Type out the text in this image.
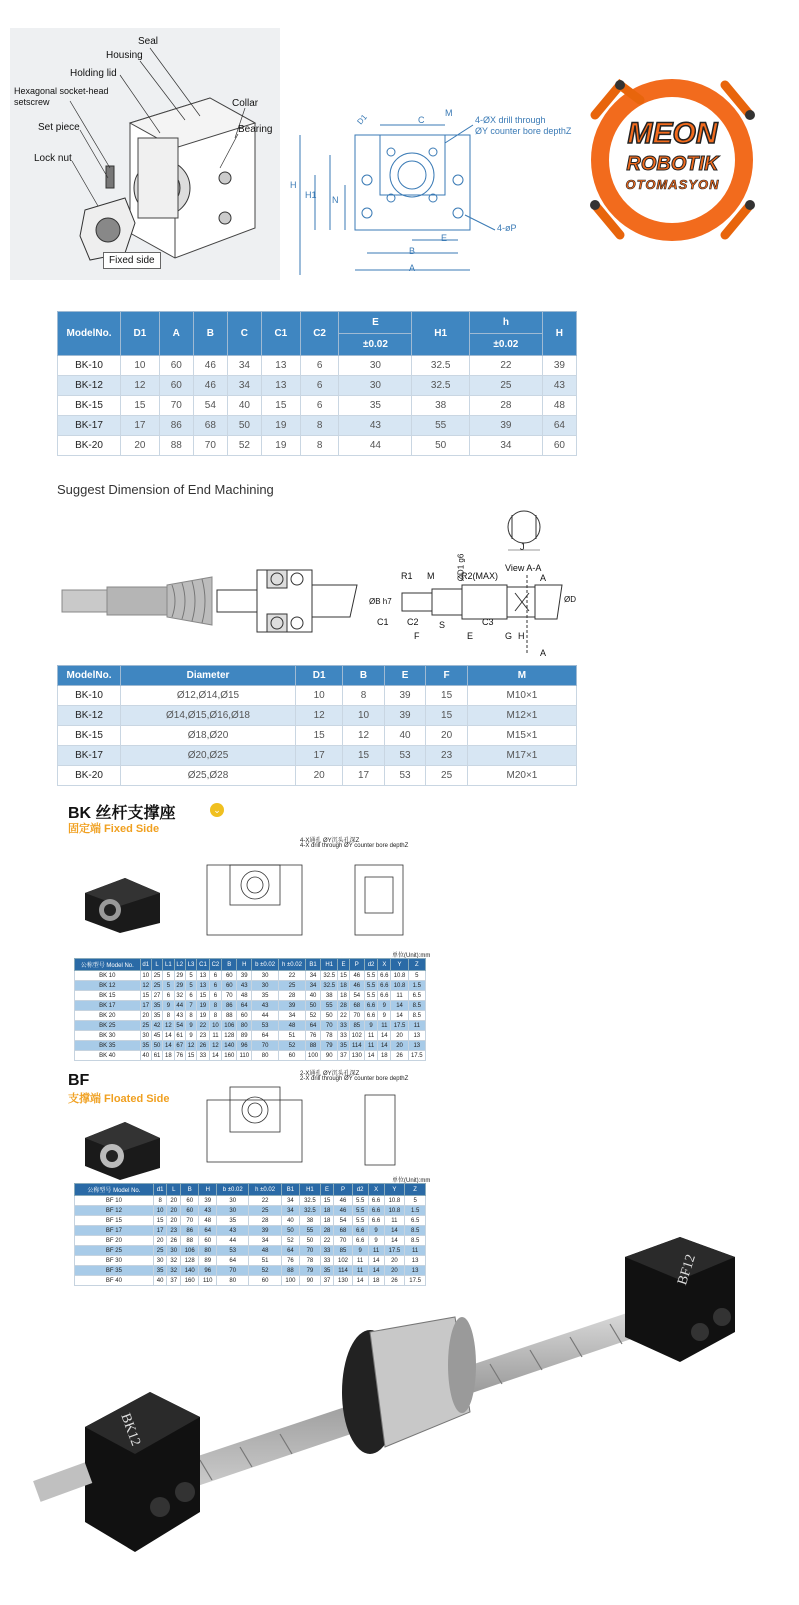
Seal
Housing
Holding lid
Hexagonal socket-head
setscrew	Collar
Set piece	Bearing
Lock nut
Fixed side
C
M
4-ØX drill through
ØY counter bore depthZ
D1
H
H1 N
E
B
A
4-øP
MEON
ROBOTIK
OTOMASYON
ModelNo.	D1	A	B	C	C1	C2	E	H1	h	H
							±0.02		±0.02	
BK-10	10	60	46	34	13	6	30	32.5	22	39
BK-12	12	60	46	34	13	6	30	32.5	25	43
BK-15	15	70	54	40	15	6	35	38	28	48
BK-17	17	86	68	50	19	8	43	55	39	64
BK-20	20	88	70	52	19	8	44	50	34	60
Suggest Dimension of End Machining
R1 M	ØD1 g6
R2(MAX)
View A-A
A
A
J
ØB h7	ØD
C1 C2 S	C3
F	E	G H
ModelNo.	Diameter	D1	B	E	F	M
BK-10	Ø12,Ø14,Ø15	10	8	39	15	M10×1
BK-12	Ø14,Ø15,Ø16,Ø18	12	10	39	15	M12×1
BK-15	Ø18,Ø20	15	12	40	20	M15×1
BK-17	Ø20,Ø25	17	15	53	23	M17×1
BK-20	Ø25,Ø28	20	17	53	25	M20×1
BK 丝杆支撑座
固定端 Fixed Side
⌄
4-X通孔 ØY沉头孔深Z
4-X drill through ØY counter bore depthZ
单位(Unit):mm
公称型号 Model No.	d1	L	L1	L2	L3	C1	C2	B	H	b ±0.02	h ±0.02	B1	H1	E	P	d2	X	Y	Z
BK 10	10	25	5	29	5	13	6	60	39	30	22	34	32.5	15	46	5.5	6.6	10.8	5
BK 12	12	25	5	29	5	13	6	60	43	30	25	34	32.5	18	46	5.5	6.6	10.8	1.5
BK 15	15	27	6	32	6	15	6	70	48	35	28	40	38	18	54	5.5	6.6	11	6.5
BK 17	17	35	9	44	7	19	8	86	64	43	39	50	55	28	68	6.6	9	14	8.5
BK 20	20	35	8	43	8	19	8	88	60	44	34	52	50	22	70	6.6	9	14	8.5
BK 25	25	42	12	54	9	22	10	106	80	53	48	64	70	33	85	9	11	17.5	11
BK 30	30	45	14	61	9	23	11	128	89	64	51	76	78	33	102	11	14	20	13
BK 35	35	50	14	67	12	26	12	140	96	70	52	88	79	35	114	11	14	20	13
BK 40	40	61	18	76	15	33	14	160	110	80	60	100	90	37	130	14	18	26	17.5
BF
支撑端 Floated Side
2-X通孔 ØY沉头孔深Z
2-X drill through ØY counter bore depthZ
单位(Unit):mm
公称型号 Model No.	d1	L	B	H	b ±0.02	h ±0.02	B1	H1	E	P	d2	X	Y	Z
BF 10	8	20	60	39	30	22	34	32.5	15	46	5.5	6.6	10.8	5
BF 12	10	20	60	43	30	25	34	32.5	18	46	5.5	6.6	10.8	1.5
BF 15	15	20	70	48	35	28	40	38	18	54	5.5	6.6	11	6.5
BF 17	17	23	86	64	43	39	50	55	28	68	6.6	9	14	8.5
BF 20	20	26	88	60	44	34	52	50	22	70	6.6	9	14	8.5
BF 25	25	30	106	80	53	48	64	70	33	85	9	11	17.5	11
BF 30	30	32	128	89	64	51	76	78	33	102	11	14	20	13
BF 35	35	32	140	96	70	52	88	79	35	114	11	14	20	13
BF 40	40	37	160	110	80	60	100	90	37	130	14	18	26	17.5
BK12
BF12
